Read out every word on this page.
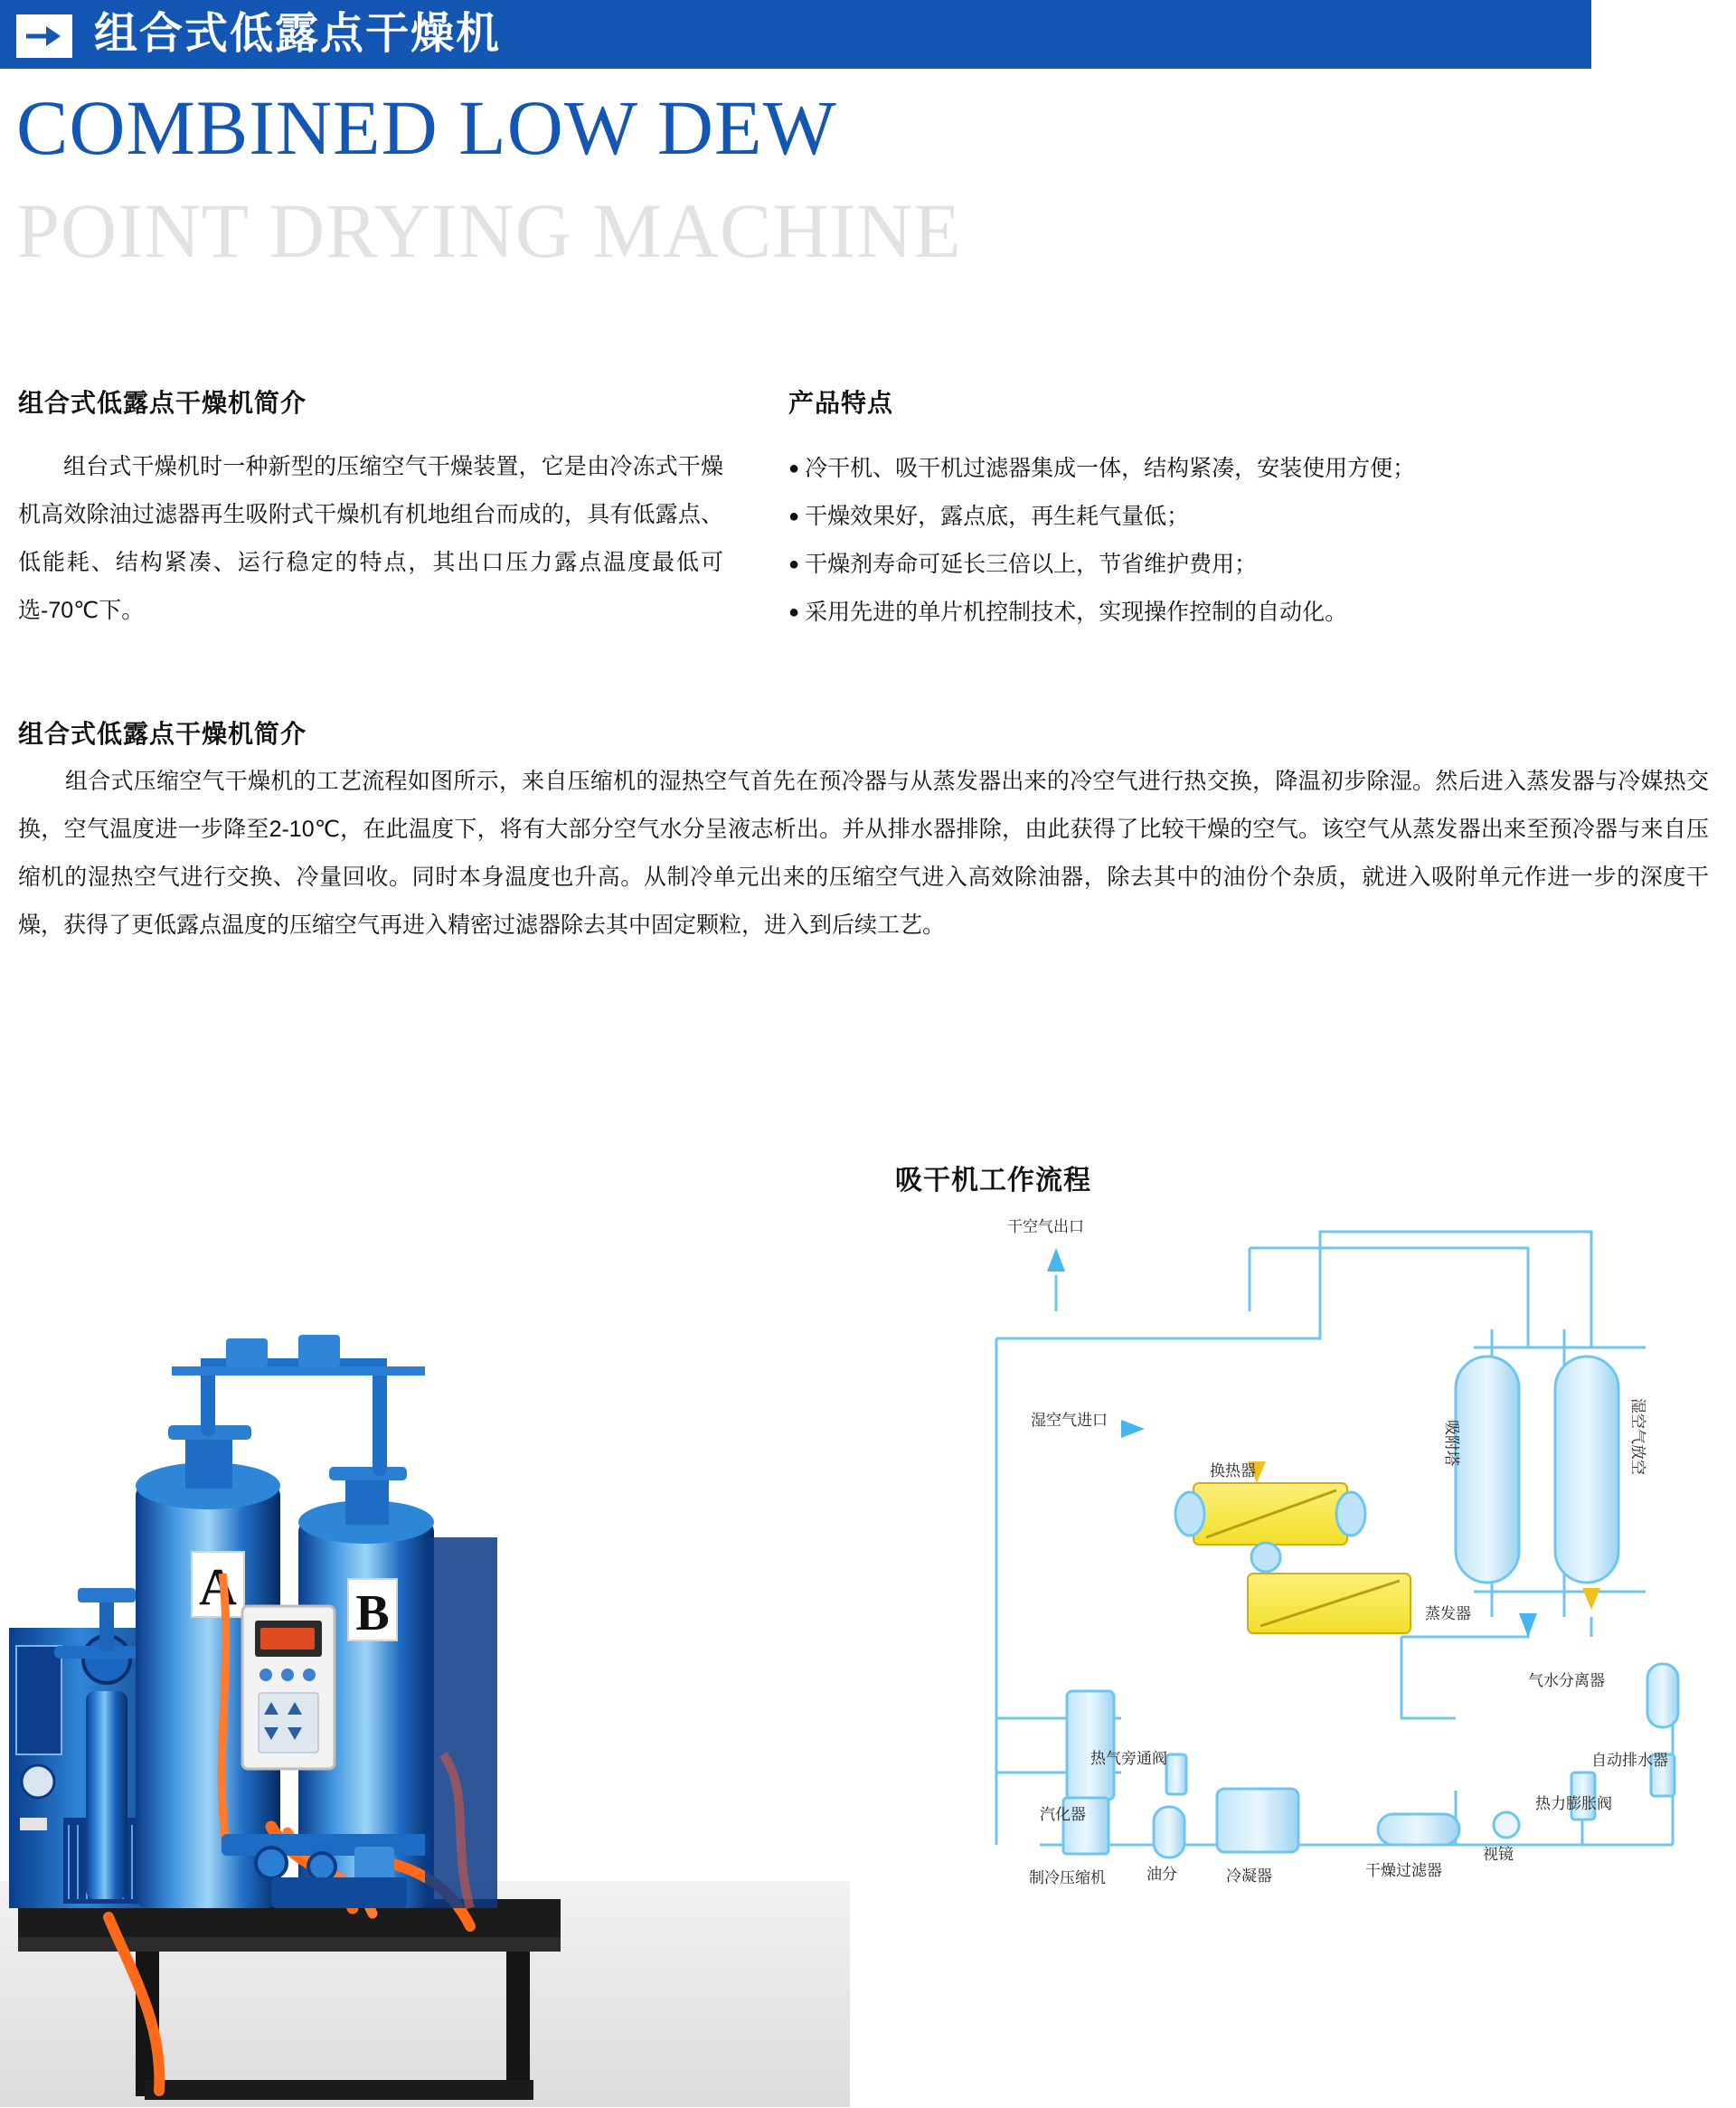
组合式低露点干燥机
COMBINED LOW DEW
POINT DRYING MACHINE
组合式低露点干燥机简介
组台式干燥机时一种新型的压缩空气干燥装置，它是由冷冻式干燥机高效除油过滤器再生吸附式干燥机有机地组台而成的，具有低露点、低能耗、结构紧凑、运行稳定的特点，其出口压力露点温度最低可选-70℃下。
产品特点
● 冷干机、吸干机过滤器集成一体，结构紧凑，安装使用方便；
● 干燥效果好，露点底，再生耗气量低；
● 干燥剂寿命可延长三倍以上，节省维护费用；
● 采用先进的单片机控制技术，实现操作控制的自动化。
组合式低露点干燥机简介
组合式压缩空气干燥机的工艺流程如图所示，来自压缩机的湿热空气首先在预冷器与从蒸发器出来的冷空气进行热交换，降温初步除湿。然后进入蒸发器与冷媒热交换，空气温度进一步降至2-10℃，在此温度下，将有大部分空气水分呈液志析出。并从排水器排除，由此获得了比较干燥的空气。该空气从蒸发器出来至预冷器与来自压缩机的湿热空气进行交换、冷量回收。同时本身温度也升高。从制冷单元出来的压缩空气进入高效除油器，除去其中的油份个杂质，就进入吸附单元作进一步的深度干燥，获得了更低露点温度的压缩空气再进入精密过滤器除去其中固定颗粒，进入到后续工艺。
A B
吸干机工作流程
干空气出口
湿空气进口
换热器
蒸发器
气水分离器
自动排水器
热力膨胀阀
视镜
干燥过滤器
冷凝器
油分
制冷压缩机
热气旁通阀
汽化器
吸附塔	湿空气放空
